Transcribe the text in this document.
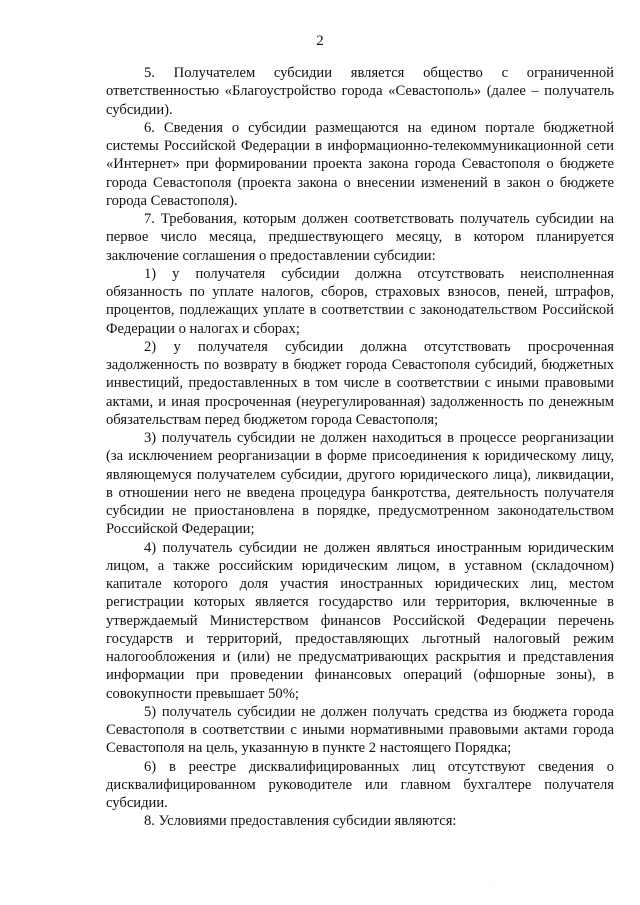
2

5. Получателем субсидии является общество с ограниченной ответственностью «Благоустройство города «Севастополь» (далее – получатель субсидии).

6. Сведения о субсидии размещаются на едином портале бюджетной системы Российской Федерации в информационно-телекоммуникационной сети «Интернет» при формировании проекта закона города Севастополя о бюджете города Севастополя (проекта закона о внесении изменений в закон о бюджете города Севастополя).

7. Требования, которым должен соответствовать получатель субсидии на первое число месяца, предшествующего месяцу, в котором планируется заключение соглашения о предоставлении субсидии:

1) у получателя субсидии должна отсутствовать неисполненная обязанность по уплате налогов, сборов, страховых взносов, пеней, штрафов, процентов, подлежащих уплате в соответствии с законодательством Российской Федерации о налогах и сборах;

2) у получателя субсидии должна отсутствовать просроченная задолженность по возврату в бюджет города Севастополя субсидий, бюджетных инвестиций, предоставленных в том числе в соответствии с иными правовыми актами, и иная просроченная (неурегулированная) задолженность по денежным обязательствам перед бюджетом города Севастополя;

3) получатель субсидии не должен находиться в процессе реорганизации (за исключением реорганизации в форме присоединения к юридическому лицу, являющемуся получателем субсидии, другого юридического лица), ликвидации, в отношении него не введена процедура банкротства, деятельность получателя субсидии не приостановлена в порядке, предусмотренном законодательством Российской Федерации;

4) получатель субсидии не должен являться иностранным юридическим лицом, а также российским юридическим лицом, в уставном (складочном) капитале которого доля участия иностранных юридических лиц, местом регистрации которых является государство или территория, включенные в утверждаемый Министерством финансов Российской Федерации перечень государств и территорий, предоставляющих льготный налоговый режим налогообложения и (или) не предусматривающих раскрытия и представления информации при проведении финансовых операций (офшорные зоны), в совокупности превышает 50%;

5) получатель субсидии не должен получать средства из бюджета города Севастополя в соответствии с иными нормативными правовыми актами города Севастополя на цель, указанную в пункте 2 настоящего Порядка;

6) в реестре дисквалифицированных лиц отсутствуют сведения о дисквалифицированном руководителе или главном бухгалтере получателя субсидии.

8. Условиями предоставления субсидии являются:

· ·
